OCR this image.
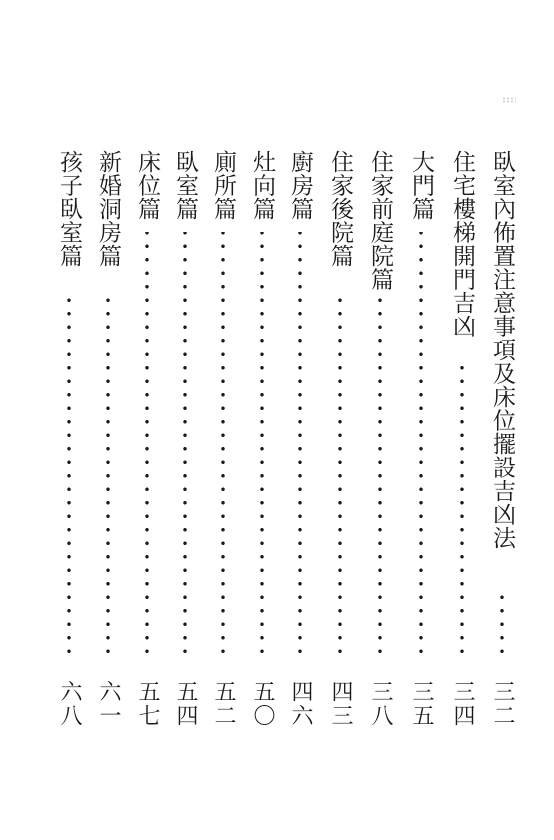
臥室內佈置注意事項及床位擺設吉凶法
三二
住宅樓梯開門吉凶
三四
大門篇
三五
住家前庭院篇
三八
住家後院篇
四三
廚房篇
四六
灶向篇
五〇
廁所篇
五二
臥室篇
五四
床位篇
五七
新婚洞房篇
六一
孩子臥室篇
六八
